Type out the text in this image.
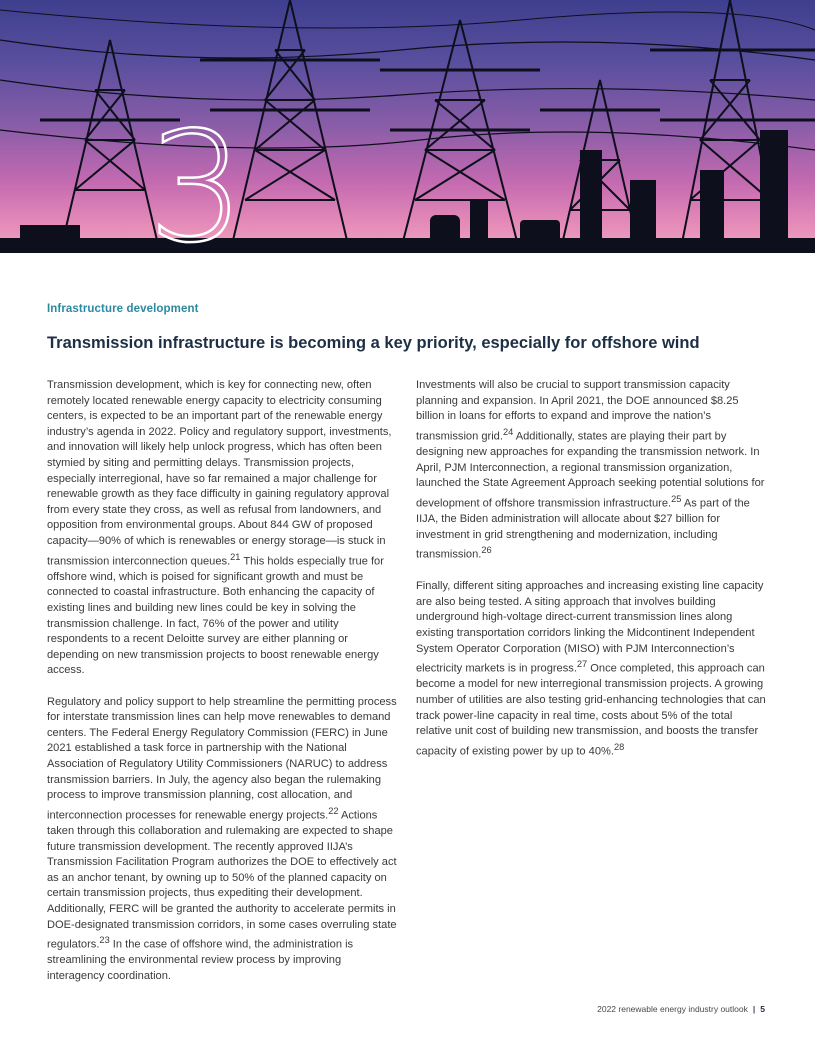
3
Infrastructure development
Transmission infrastructure is becoming a key priority, especially for offshore wind

Transmission development, which is key for connecting new, often remotely located renewable energy capacity to electricity consuming centers, is expected to be an important part of the renewable energy industry’s agenda in 2022. Policy and regulatory support, investments, and innovation will likely help unlock progress, which has often been stymied by siting and permitting delays. Transmission projects, especially interregional, have so far remained a major challenge for renewable growth as they face difficulty in gaining regulatory approval from every state they cross, as well as refusal from landowners, and opposition from environmental groups. About 844 GW of proposed capacity—90% of which is renewables or energy storage—is stuck in transmission interconnection queues.$^{21}$ This holds especially true for offshore wind, which is poised for significant growth and must be connected to coastal infrastructure. Both enhancing the capacity of existing lines and building new lines could be key in solving the transmission challenge. In fact, 76% of the power and utility respondents to a recent Deloitte survey are either planning or depending on new transmission projects to boost renewable energy access.

Regulatory and policy support to help streamline the permitting process for interstate transmission lines can help move renewables to demand centers. The Federal Energy Regulatory Commission (FERC) in June 2021 established a task force in partnership with the National Association of Regulatory Utility Commissioners (NARUC) to address transmission barriers. In July, the agency also began the rulemaking process to improve transmission planning, cost allocation, and interconnection processes for renewable energy projects.$^{22}$ Actions taken through this collaboration and rulemaking are expected to shape future transmission development. The recently approved IIJA’s Transmission Facilitation Program authorizes the DOE to effectively act as an anchor tenant, by owning up to 50% of the planned capacity on certain transmission projects, thus expediting their development. Additionally, FERC will be granted the authority to accelerate permits in DOE-designated transmission corridors, in some cases overruling state regulators.$^{23}$ In the case of offshore wind, the administration is streamlining the environmental review process by improving interagency coordination.

Investments will also be crucial to support transmission capacity planning and expansion. In April 2021, the DOE announced $8.25 billion in loans for efforts to expand and improve the nation’s transmission grid.$^{24}$ Additionally, states are playing their part by designing new approaches for expanding the transmission network. In April, PJM Interconnection, a regional transmission organization, launched the State Agreement Approach seeking potential solutions for development of offshore transmission infrastructure.$^{25}$ As part of the IIJA, the Biden administration will allocate about $27 billion for investment in grid strengthening and modernization, including transmission.$^{26}$

Finally, different siting approaches and increasing existing line capacity are also being tested. A siting approach that involves building underground high-voltage direct-current transmission lines along existing transportation corridors linking the Midcontinent Independent System Operator Corporation (MISO) with PJM Interconnection’s electricity markets is in progress.$^{27}$ Once completed, this approach can become a model for new interregional transmission projects. A growing number of utilities are also testing grid-enhancing technologies that can track power-line capacity in real time, costs about 5% of the total relative unit cost of building new transmission, and boosts the transfer capacity of existing power by up to 40%.$^{28}$

2022 renewable energy industry outlook | 5
